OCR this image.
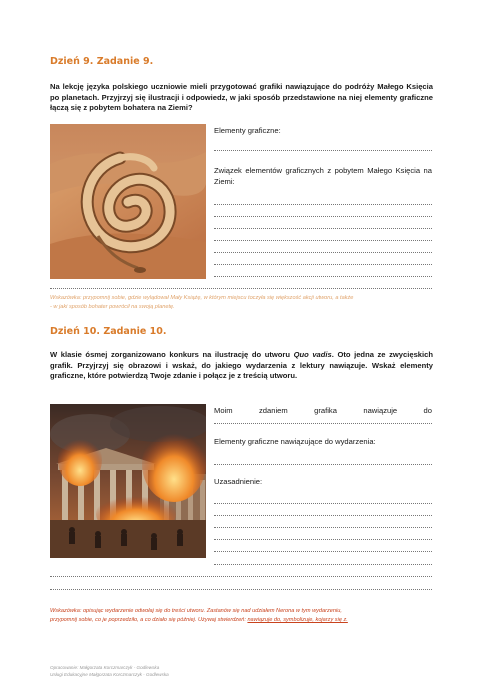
Dzień 9. Zadanie 9.
Na lekcję języka polskiego uczniowie mieli przygotować grafiki nawiązujące do podróży Małego Księcia po planetach. Przyjrzyj się ilustracji i odpowiedz, w jaki sposób przedstawione na niej elementy graficzne łączą się z pobytem bohatera na Ziemi?
Elementy graficzne:
Związek elementów graficznych z pobytem Małego Księcia na Ziemi:
Wskazówka: przypomnij sobie, gdzie wylądował Mały Książę, w którym miejscu toczyła się większość akcji utworu, a także
- w jaki sposób bohater powrócił na swoją planetę.
Dzień 10. Zadanie 10.
W klasie ósmej zorganizowano konkurs na ilustrację do utworu Quo vadis. Oto jedna ze zwycięskich grafik. Przyjrzyj się obrazowi i wskaż, do jakiego wydarzenia z lektury nawiązuje. Wskaż elementy graficzne, które potwierdzą Twoje zdanie i połącz je z treścią utworu.
Moim zdaniem grafika nawiązuje do
Elementy graficzne nawiązujące do wydarzenia:
Uzasadnienie:
Wskazówka: opisując wydarzenie odwołaj się do treści utworu. Zastanów się nad udziałem Nerona w tym wydarzeniu,
przypomnij sobie, co je poprzedziło, a co działo się później. Używaj stwierdzeń: nawiązuje do, symbolizuje, kojarzy się z.
Opracowanie: Małgorzata Korczmarczyk - Godlewska
Usługi Edukacyjne Małgorzata Korczmarczyk - Godlewska
